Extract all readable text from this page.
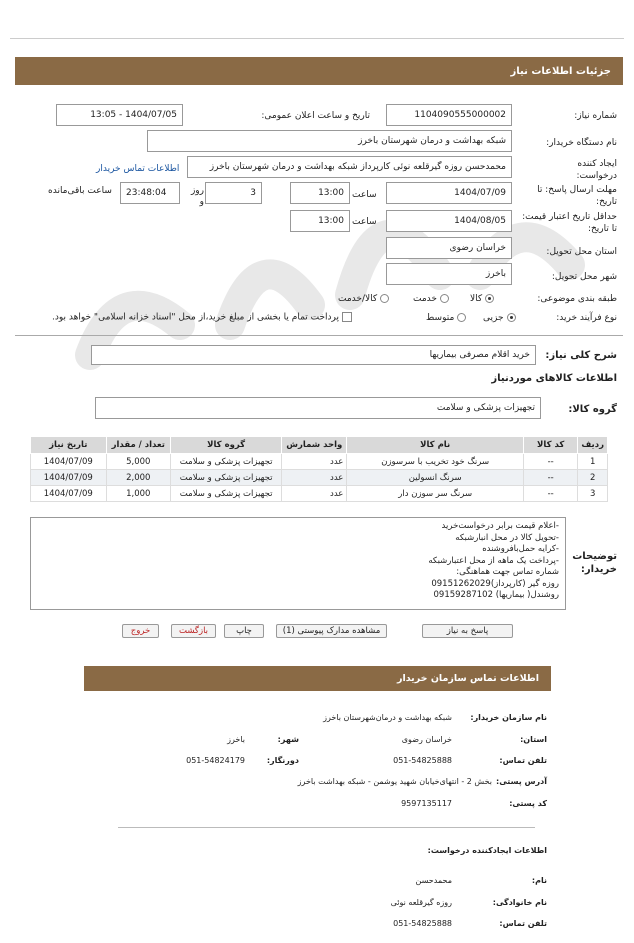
جزئیات اطلاعات نیاز
شماره نیاز:
1104090555000002
تاریخ و ساعت اعلان عمومی:
1404/07/05 - 13:05
نام دستگاه خریدار:
شبکه بهداشت و درمان شهرستان باخرز
ایجاد کننده درخواست:
محمدحسن روزه گیرقلعه نوئی کارپرداز شبکه بهداشت و درمان شهرستان باخرز
اطلاعات تماس خریدار
مهلت ارسال پاسخ: تا تاریخ:
1404/07/09
ساعت
13:00
3
روز و
23:48:04
ساعت باقی‌مانده
حداقل تاریخ اعتبار قیمت: تا تاریخ:
1404/08/05
ساعت
13:00
استان محل تحویل:
خراسان رضوی
شهر محل تحویل:
باخرز
طبقه بندی موضوعی:
کالا
خدمت
کالا/خدمت
نوع فرآیند خرید:
جزیی
متوسط
پرداخت تمام یا بخشی از مبلغ خرید،از محل "اسناد خزانه اسلامی" خواهد بود.
شرح کلی نیاز:
خرید اقلام مصرفی بیماریها
اطلاعات کالاهای موردنیاز
گروه کالا:
تجهیزات پزشکی و سلامت
ردیف	کد کالا	نام کالا	واحد شمارش	گروه کالا	تعداد / مقدار	تاریخ نیاز
1	--	سرنگ خود تخریب با سرسوزن	عدد	تجهیزات پزشکی و سلامت	5,000	1404/07/09
2	--	سرنگ انسولین	عدد	تجهیزات پزشکی و سلامت	2,000	1404/07/09
3	--	سرنگ سر سوزن دار	عدد	تجهیزات پزشکی و سلامت	1,000	1404/07/09
توضیحات خریدار:
-اعلام قیمت برابر درخواست‌خرید
-تحویل کالا در محل انبارشبکه
-کرایه حمل‌بافروشنده
-پرداخت یک ماهه از محل اعتبارشبکه
شماره تماس جهت هماهنگی:
روزه گیر (کارپرداز)09151262029
روشندل( بیماریها) 09159287102
پاسخ به نیاز
مشاهده مدارک پیوستی (1)
چاپ
بازگشت
خروج
اطلاعات تماس سازمان خریدار
نام سازمان خریدار:
شبکه بهداشت و درمان‌شهرستان باخرز
استان:
خراسان رضوی
شهر:
باخرز
تلفن تماس:
051-54825888
دورنگار:
051-54824179
آدرس پستی:
بخش 2 - انتهای‌خیابان شهید یوشمن - شبکه بهداشت باخرز
کد پستی:
9597135117
اطلاعات ایجادکننده درخواست:
نام:
محمدحسن
نام خانوادگی:
روزه گیرقلعه نوئی
تلفن تماس:
051-54825888
